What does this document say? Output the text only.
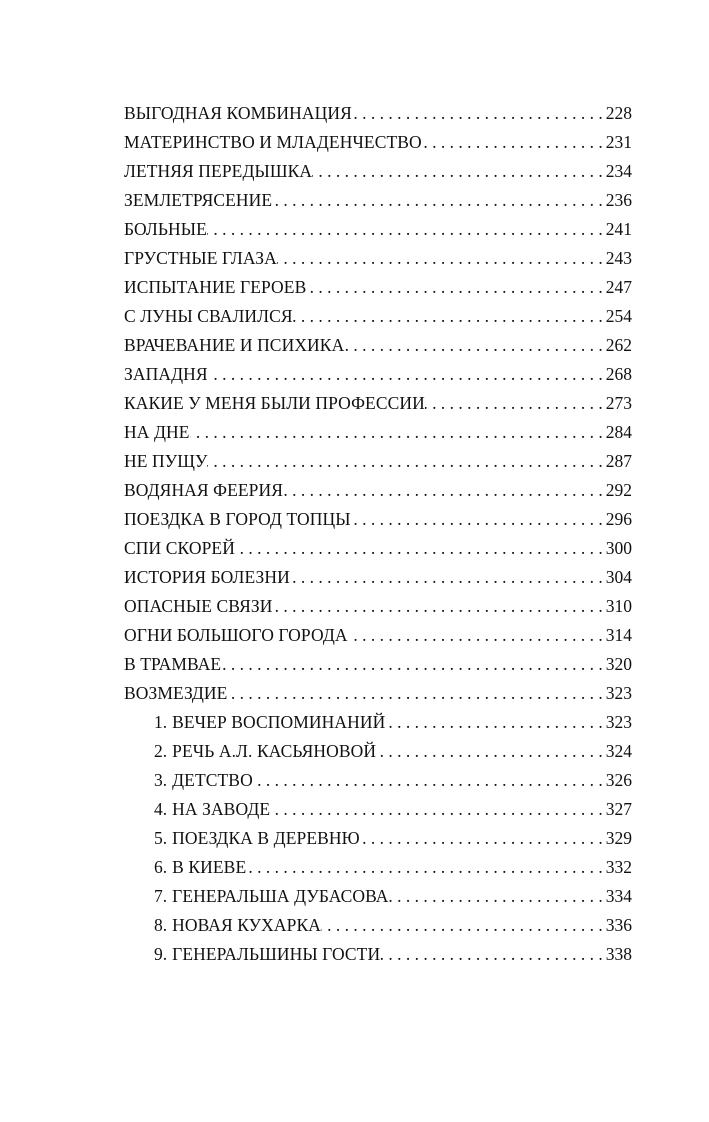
ВЫГОДНАЯ КОМБИНАЦИЯ . . .	228
МАТЕРИНСТВО И МЛАДЕНЧЕСТВО . . .	231
ЛЕТНЯЯ ПЕРЕДЫШКА . . .	234
ЗЕМЛЕТРЯСЕНИЕ . . .	236
БОЛЬНЫЕ . . .	241
ГРУСТНЫЕ ГЛАЗА . . .	243
ИСПЫТАНИЕ ГЕРОЕВ . . .	247
С ЛУНЫ СВАЛИЛСЯ . . .	254
ВРАЧЕВАНИЕ И ПСИХИКА . . .	262
ЗАПАДНЯ . . .	268
КАКИЕ У МЕНЯ БЫЛИ ПРОФЕССИИ . . .	273
НА ДНЕ . . .	284
НЕ ПУЩУ . . .	287
ВОДЯНАЯ ФЕЕРИЯ . . .	292
ПОЕЗДКА В ГОРОД ТОПЦЫ . . .	296
СПИ СКОРЕЙ . . .	300
ИСТОРИЯ БОЛЕЗНИ . . .	304
ОПАСНЫЕ СВЯЗИ . . .	310
ОГНИ БОЛЬШОГО ГОРОДА . . .	314
В ТРАМВАЕ . . .	320
ВОЗМЕЗДИЕ . . .	323
1. ВЕЧЕР ВОСПОМИНАНИЙ . . .	323
2. РЕЧЬ А.Л. КАСЬЯНОВОЙ . . .	324
3. ДЕТСТВО . . .	326
4. НА ЗАВОДЕ . . .	327
5. ПОЕЗДКА В ДЕРЕВНЮ . . .	329
6. В КИЕВЕ . . .	332
7. ГЕНЕРАЛЬША ДУБАСОВА . . .	334
8. НОВАЯ КУХАРКА . . .	336
9. ГЕНЕРАЛЬШИНЫ ГОСТИ . . .	338
